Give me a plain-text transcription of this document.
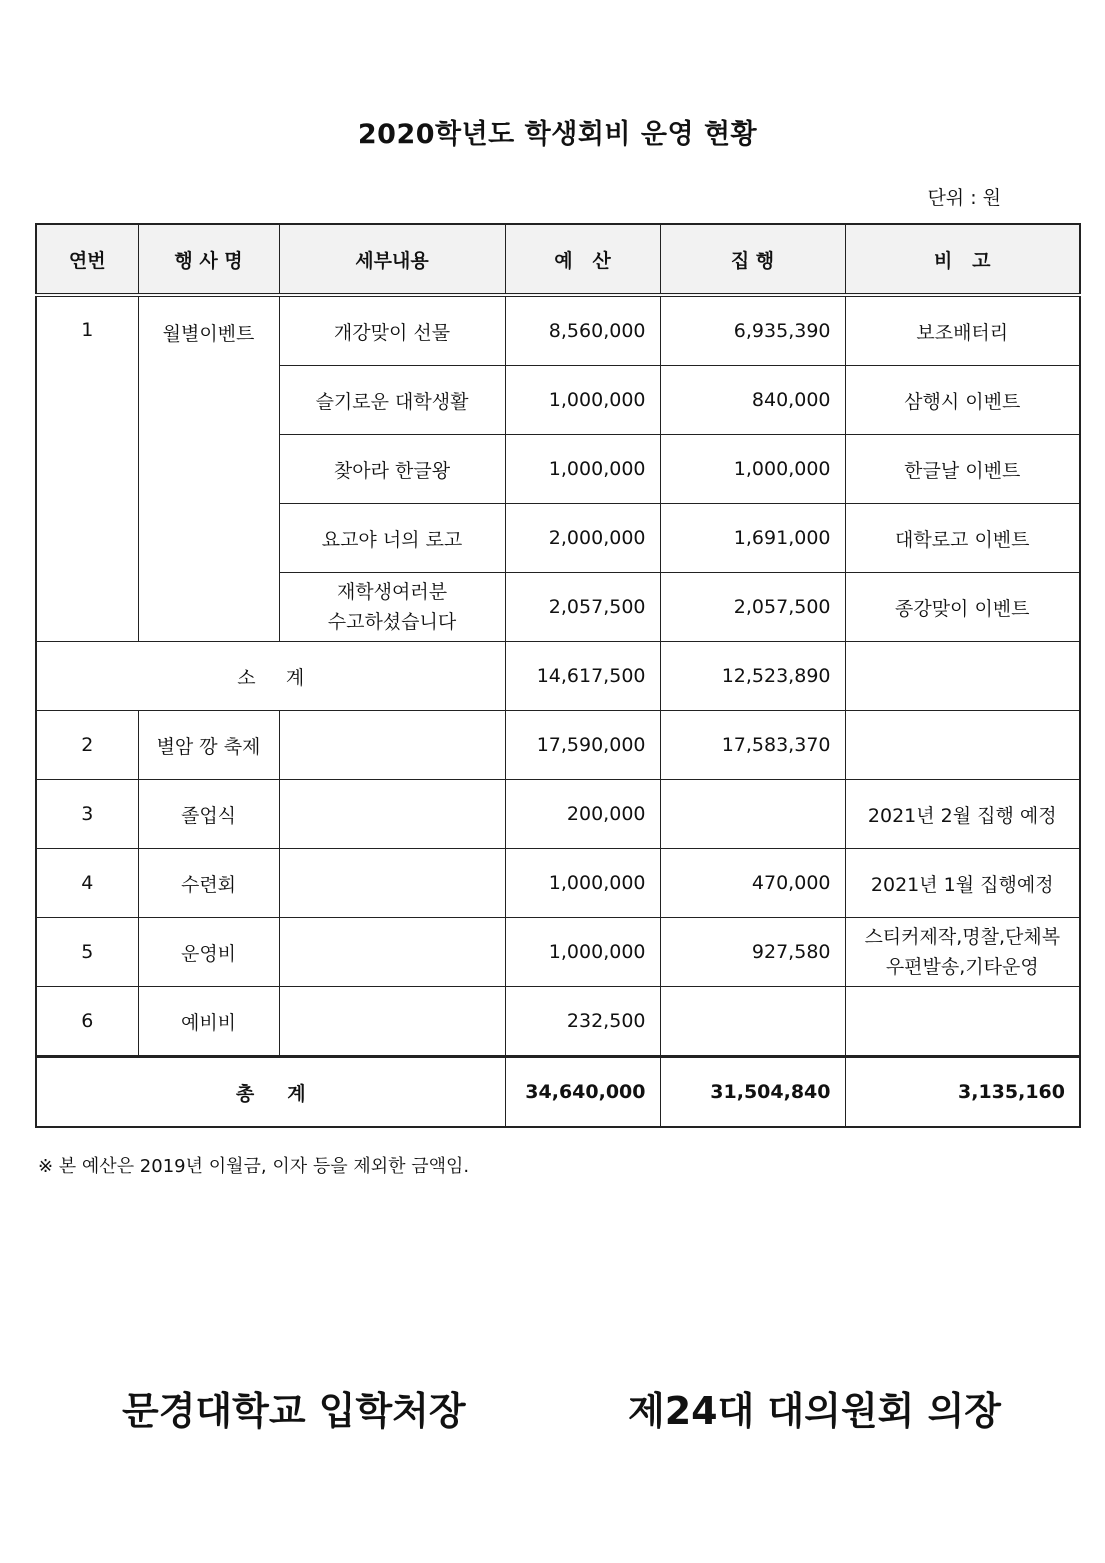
2020학년도 학생회비 운영 현황
단위 : 원
연번	행 사 명	세부내용	예   산	집 행	비   고
1	월별이벤트	개강맞이 선물	8,560,000	6,935,390	보조배터리
		슬기로운 대학생활	1,000,000	840,000	삼행시 이벤트
		찾아라 한글왕	1,000,000	1,000,000	한글날 이벤트
		요고야 너의 로고	2,000,000	1,691,000	대학로고 이벤트

		재학생여러분
수고하셨습니다	2,057,500	2,057,500	종강맞이 이벤트
소     계			14,617,500	12,523,890	
2	별암 깡 축제		17,590,000	17,583,370	
3	졸업식		200,000		2021년 2월 집행 예정
4	수련회		1,000,000	470,000	2021년 1월 집행예정
5	운영비		1,000,000	927,580	스티커제작,명찰,단체복
우편발송,기타운영

6	예비비		232,500		
총     계			34,640,000	31,504,840	3,135,160
※ 본 예산은 2019년 이월금, 이자 등을 제외한 금액임.
문경대학교 입학처장	제24대 대의원회 의장
